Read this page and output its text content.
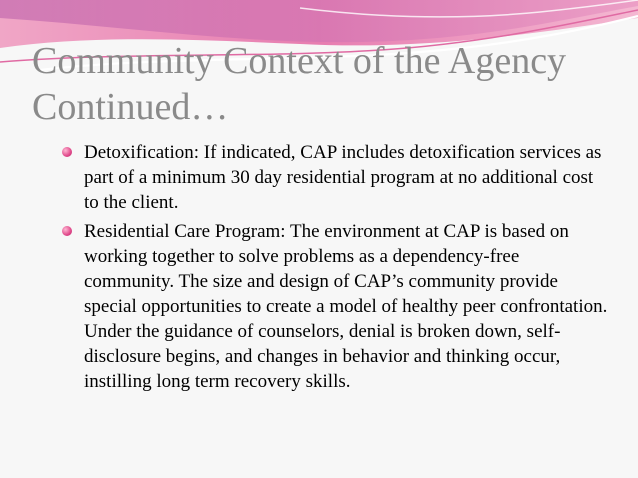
Community Context of the Agency
Continued…
Detoxification: If indicated, CAP includes detoxification services as part of a minimum 30 day residential program at no additional cost to the client.
Residential Care Program: The environment at CAP is based on working together to solve problems as a dependency-free community. The size and design of CAP’s community provide special opportunities to create a model of healthy peer confrontation. Under the guidance of counselors, denial is broken down, self-disclosure begins, and changes in behavior and thinking occur, instilling long term recovery skills.
